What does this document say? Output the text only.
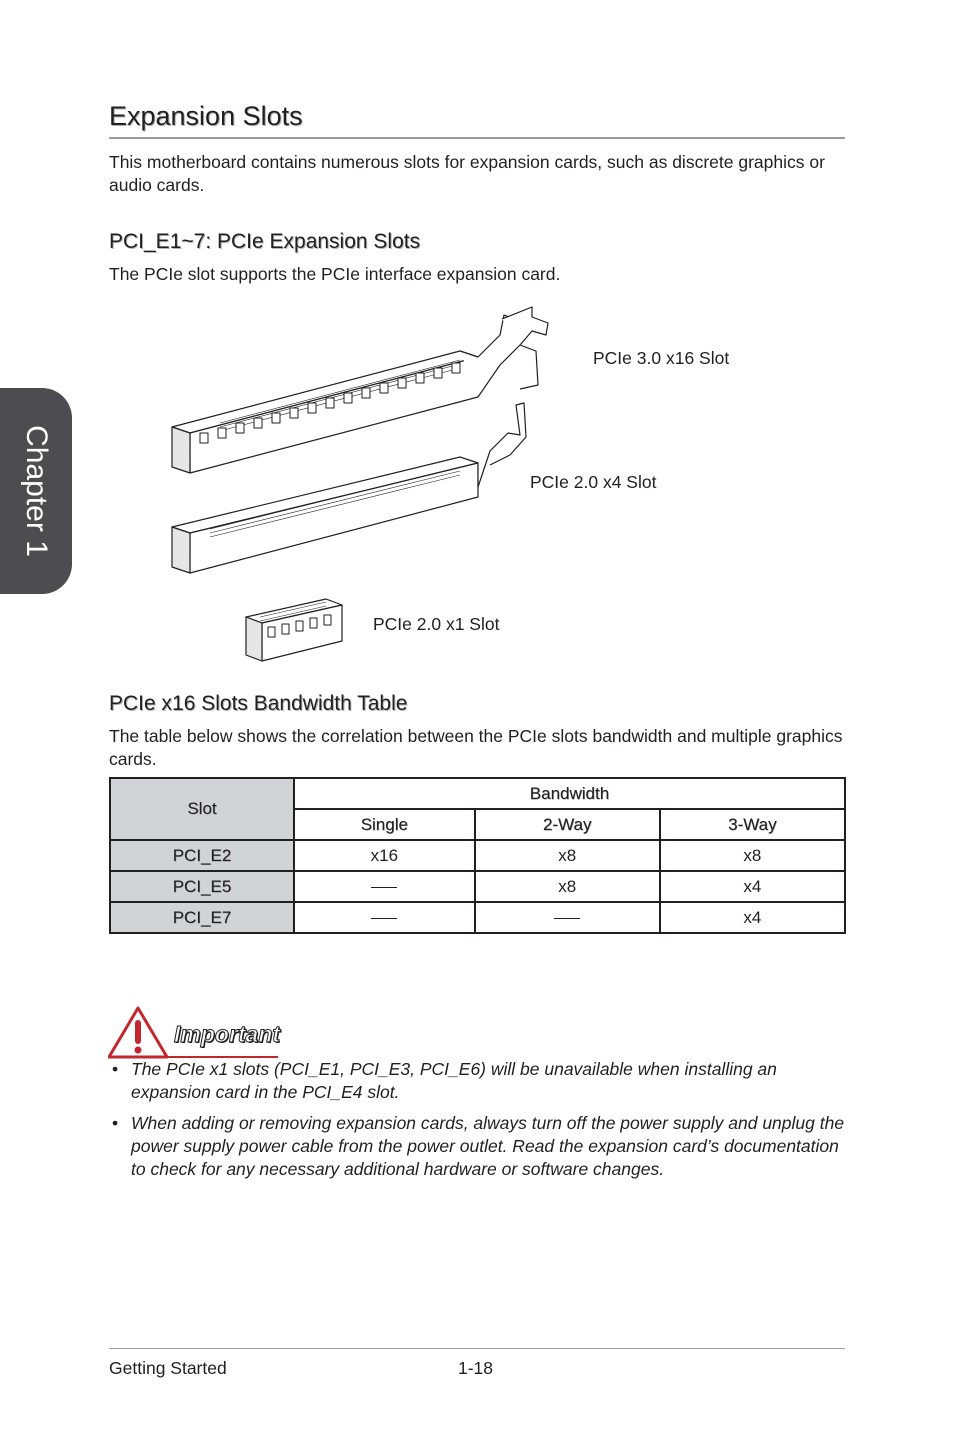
Chapter 1
Expansion Slots

This motherboard contains numerous slots for expansion cards, such as discrete graphics or audio cards.

PCI_E1~7: PCIe Expansion Slots

The PCIe slot supports the PCIe interface expansion card.

PCIe 3.0 x16 Slot
PCIe 2.0 x4 Slot
PCIe 2.0 x1 Slot
PCIe x16 Slots Bandwidth Table

The table below shows the correlation between the PCIe slots bandwidth and multiple graphics cards.

Slot	Bandwidth		
	Single	2-Way	3-Way
PCI_E2	x16	x8	x8
PCI_E5		x8	x4
PCI_E7			x4
Important
• The PCIe x1 slots (PCI_E1, PCI_E3, PCI_E6) will be unavailable when installing an expansion card in the PCI_E4 slot.
• When adding or removing expansion cards, always turn off the power supply and unplug the power supply power cable from the power outlet. Read the expansion card’s documentation to check for any necessary additional hardware or software changes.
Getting Started	1-18
